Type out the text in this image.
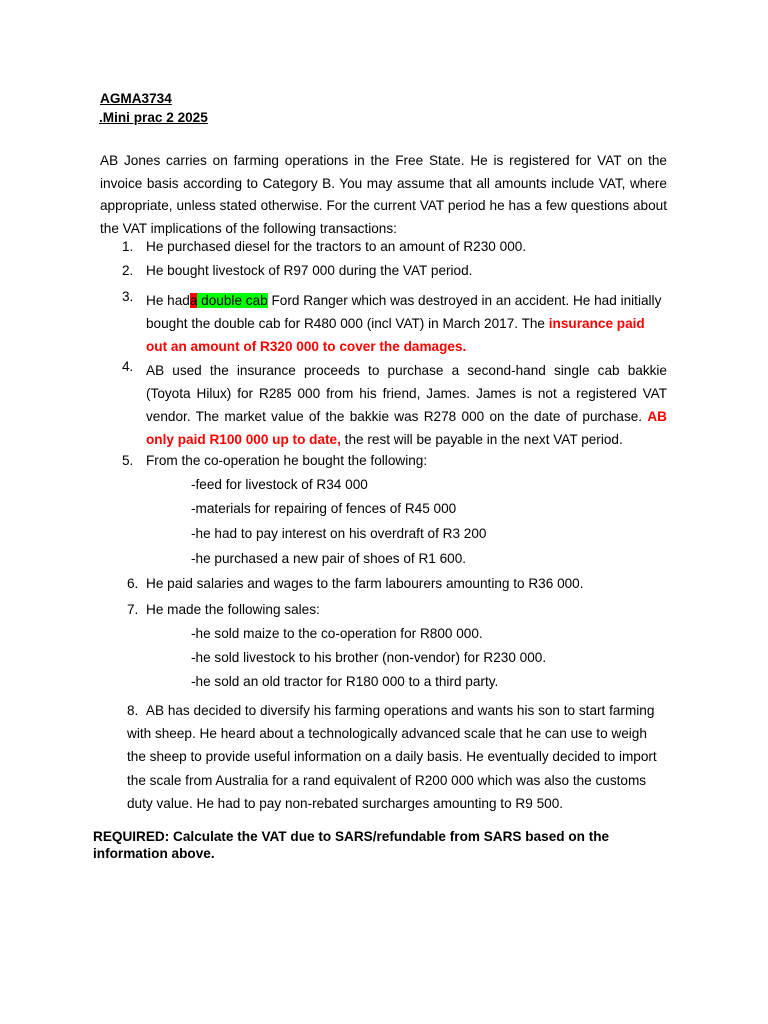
AGMA3734
.Mini prac 2 2025
AB Jones carries on farming operations in the Free State. He is registered for VAT on the invoice basis according to Category B. You may assume that all amounts include VAT, where appropriate, unless stated otherwise. For the current VAT period he has a few questions about the VAT implications of the following transactions:
1. He purchased diesel for the tractors to an amount of R230 000.
2. He bought livestock of R97 000 during the VAT period.
3. He hada double cab Ford Ranger which was destroyed in an accident. He had initially bought the double cab for R480 000 (incl VAT) in March 2017. The insurance paid out an amount of R320 000 to cover the damages.
4. AB used the insurance proceeds to purchase a second-hand single cab bakkie (Toyota Hilux) for R285 000 from his friend, James. James is not a registered VAT vendor. The market value of the bakkie was R278 000 on the date of purchase. AB only paid R100 000 up to date, the rest will be payable in the next VAT period.
5. From the co-operation he bought the following:
-feed for livestock of R34 000
-materials for repairing of fences of R45 000
-he had to pay interest on his overdraft of R3 200
-he purchased a new pair of shoes of R1 600.
6. He paid salaries and wages to the farm labourers amounting to R36 000.
7. He made the following sales:
-he sold maize to the co-operation for R800 000.
-he sold livestock to his brother (non-vendor) for R230 000.
-he sold an old tractor for R180 000 to a third party.
8. AB has decided to diversify his farming operations and wants his son to start farming with sheep. He heard about a technologically advanced scale that he can use to weigh the sheep to provide useful information on a daily basis. He eventually decided to import the scale from Australia for a rand equivalent of R200 000 which was also the customs duty value. He had to pay non-rebated surcharges amounting to R9 500.
REQUIRED: Calculate the VAT due to SARS/refundable from SARS based on the information above.
